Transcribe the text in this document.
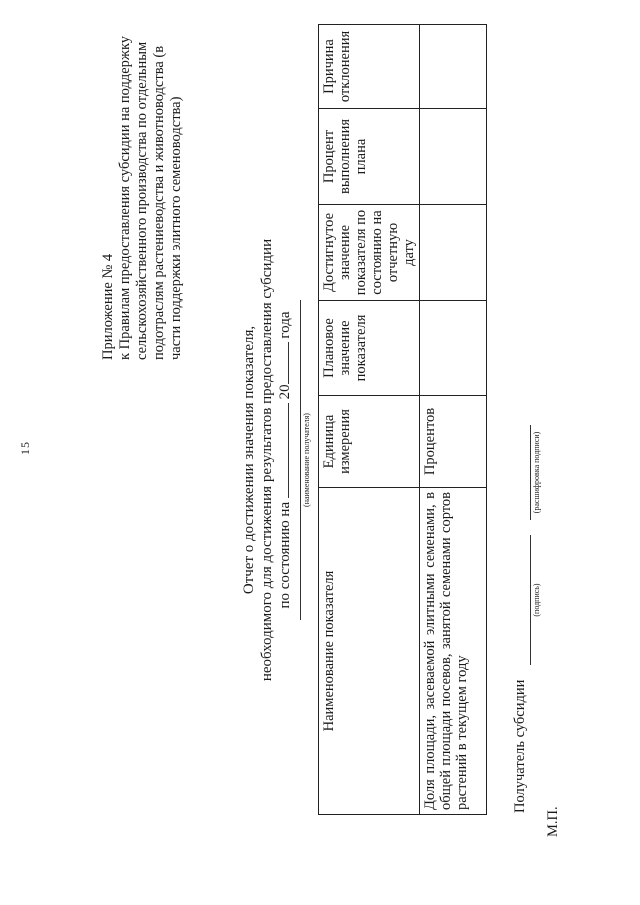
15
Приложение № 4 к Правилам предоставления субсидии на поддержку сельскохозяйственного производства по отдельным подотраслям растениеводства и животноводства (в части поддержки элитного семеноводства)
Отчет о достижении значения показателя, необходимого для достижения результатов предоставления субсидии по состоянию на  20 года
(наименование получателя)
Наименование показателя	Единица измерения	Плановое значение показателя	Достигнутое значение показателя по состоянию на отчетную дату	Процент выполнения плана	Причина отклонения
Доля площади, засеваемой элитными семенами, в общей площади посевов, занятой семенами сортов растений в текущем году	Процентов				
Получатель субсидии
(подпись)
(расшифровка подписи)
М.П.
